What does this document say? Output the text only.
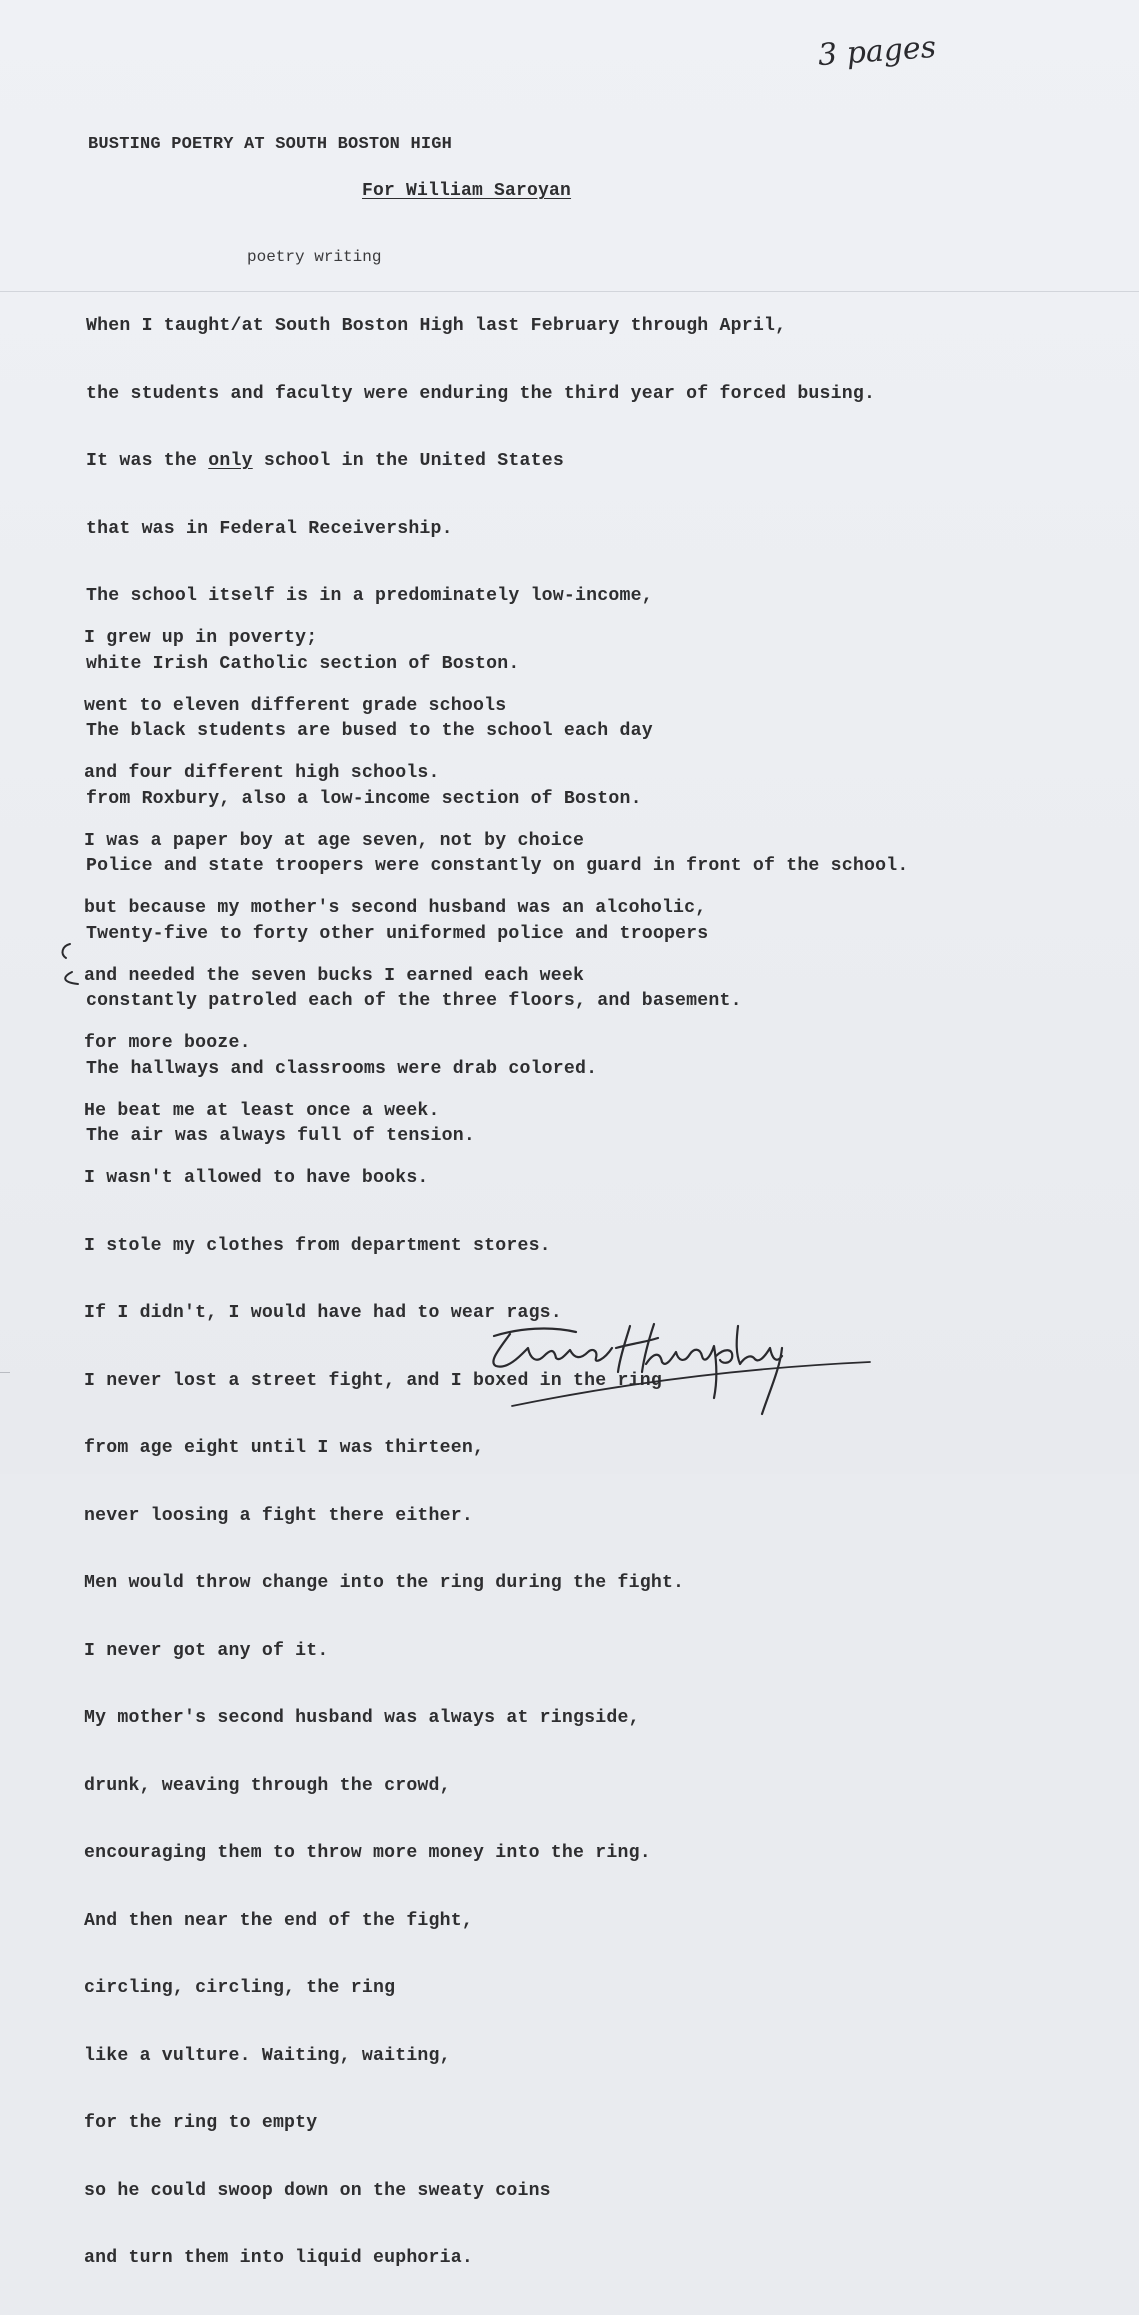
3 pages
BUSTING POETRY AT SOUTH BOSTON HIGH
For William Saroyan
poetry writing

When I taught/at South Boston High last February through April,

the students and faculty were enduring the third year of forced busing.

It was the only school in the United States

that was in Federal Receivership.

The school itself is in a predominately low-income,

white Irish Catholic section of Boston.

The black students are bused to the school each day

from Roxbury, also a low-income section of Boston.

Police and state troopers were constantly on guard in front of the school.

Twenty-five to forty other uniformed police and troopers

constantly patroled each of the three floors, and basement.

The hallways and classrooms were drab colored.

The air was always full of tension.

I grew up in poverty;

went to eleven different grade schools

and four different high schools.

I was a paper boy at age seven, not by choice

but because my mother's second husband was an alcoholic,

and needed the seven bucks I earned each week

for more booze.

He beat me at least once a week.

I wasn't allowed to have books.

I stole my clothes from department stores.

If I didn't, I would have had to wear rags.

I never lost a street fight, and I boxed in the ring

from age eight until I was thirteen,

never loosing a fight there either.

Men would throw change into the ring during the fight.

I never got any of it.

My mother's second husband was always at ringside,

drunk, weaving through the crowd,

encouraging them to throw more money into the ring.

And then near the end of the fight,

circling, circling, the ring

like a vulture. Waiting, waiting,

for the ring to empty

so he could swoop down on the sweaty coins

and turn them into liquid euphoria.
